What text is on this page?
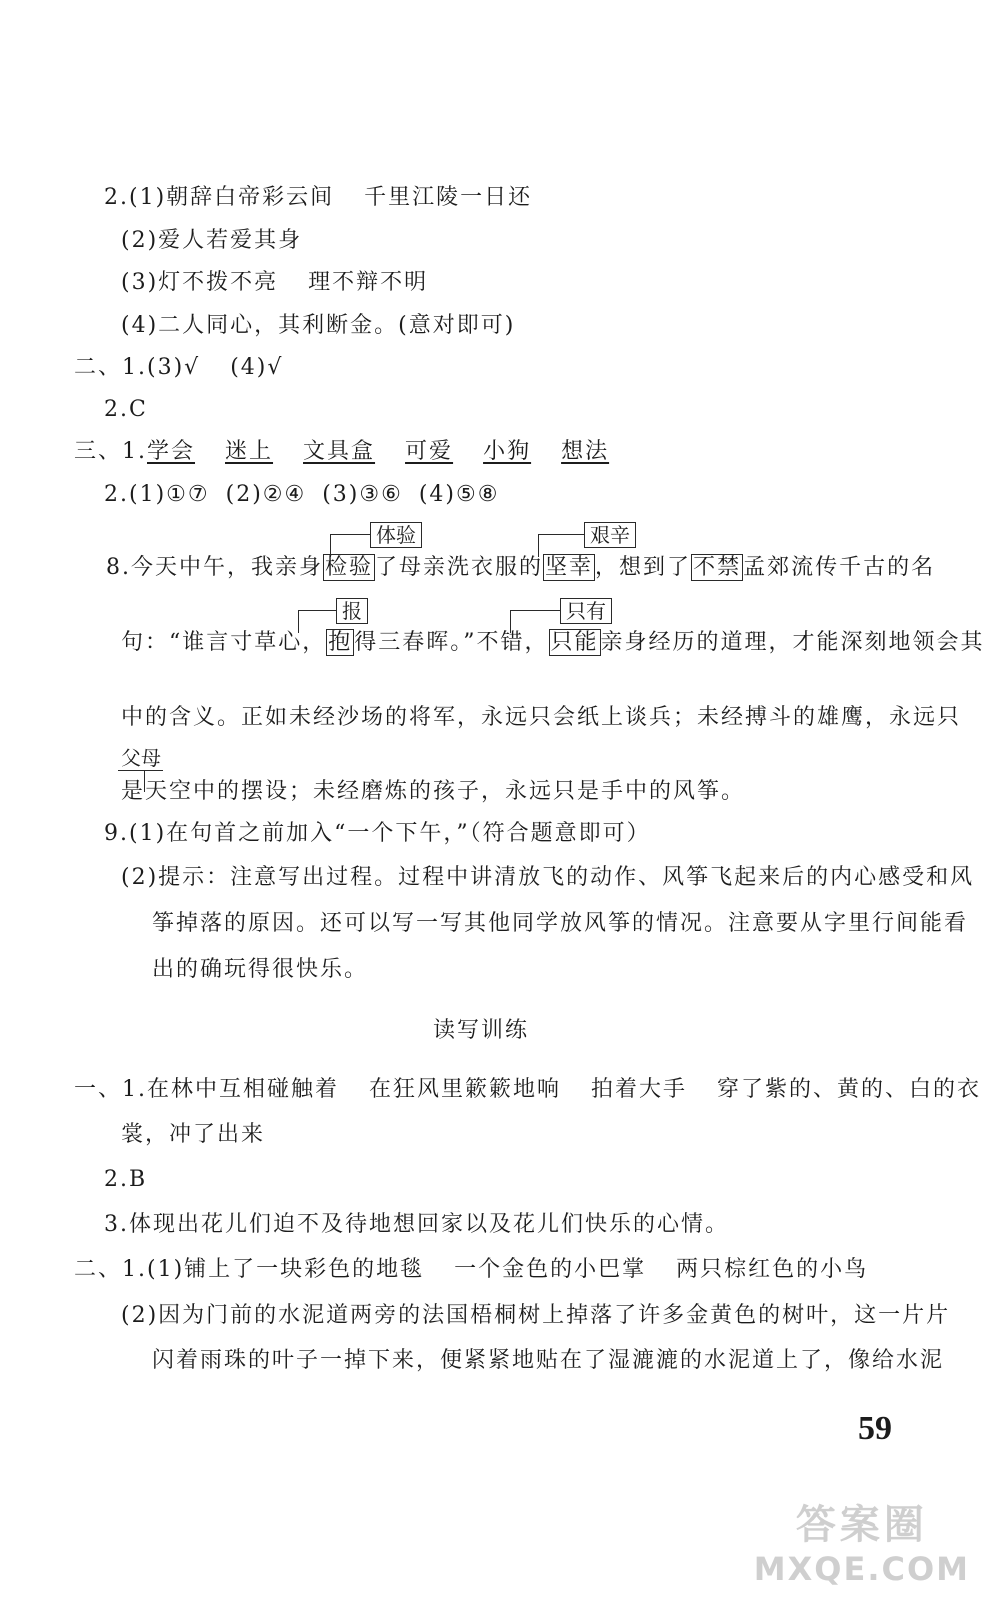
2.(1)朝辞白帝彩云间 千里江陵一日还
(2)爱人若爱其身
(3)灯不拨不亮 理不辩不明
(4)二人同心，其利断金。(意对即可)
二、1.(3)√ (4)√
2.C
三、1.学会 迷上 文具盒 可爱 小狗 想法
2.(1)①⑦ (2)②④ (3)③⑥ (4)⑤⑧
体验	艰辛
8.今天中午，我亲身检验了母亲洗衣服的坚幸，想到了不禁孟郊流传千古的名
报	只有
句：“谁言寸草心，抱得三春晖。”不错，只能亲身经历的道理，才能深刻地领会其
中的含义。正如未经沙场的将军，永远只会纸上谈兵；未经搏斗的雄鹰，永远只
父母
是天空中的摆设；未经磨炼的孩子，永远只是手中的风筝。
9.(1)在句首之前加入“一个下午，”（符合题意即可）
(2)提示：注意写出过程。过程中讲清放飞的动作、风筝飞起来后的内心感受和风
筝掉落的原因。还可以写一写其他同学放风筝的情况。注意要从字里行间能看
出的确玩得很快乐。
读写训练
一、1.在林中互相碰触着 在狂风里簌簌地响 拍着大手 穿了紫的、黄的、白的衣
裳，冲了出来
2.B
3.体现出花儿们迫不及待地想回家以及花儿们快乐的心情。
二、1.(1)铺上了一块彩色的地毯 一个金色的小巴掌 两只棕红色的小鸟
(2)因为门前的水泥道两旁的法国梧桐树上掉落了许多金黄色的树叶，这一片片
闪着雨珠的叶子一掉下来，便紧紧地贴在了湿漉漉的水泥道上了，像给水泥
59
答案圈
MXQE.COM
